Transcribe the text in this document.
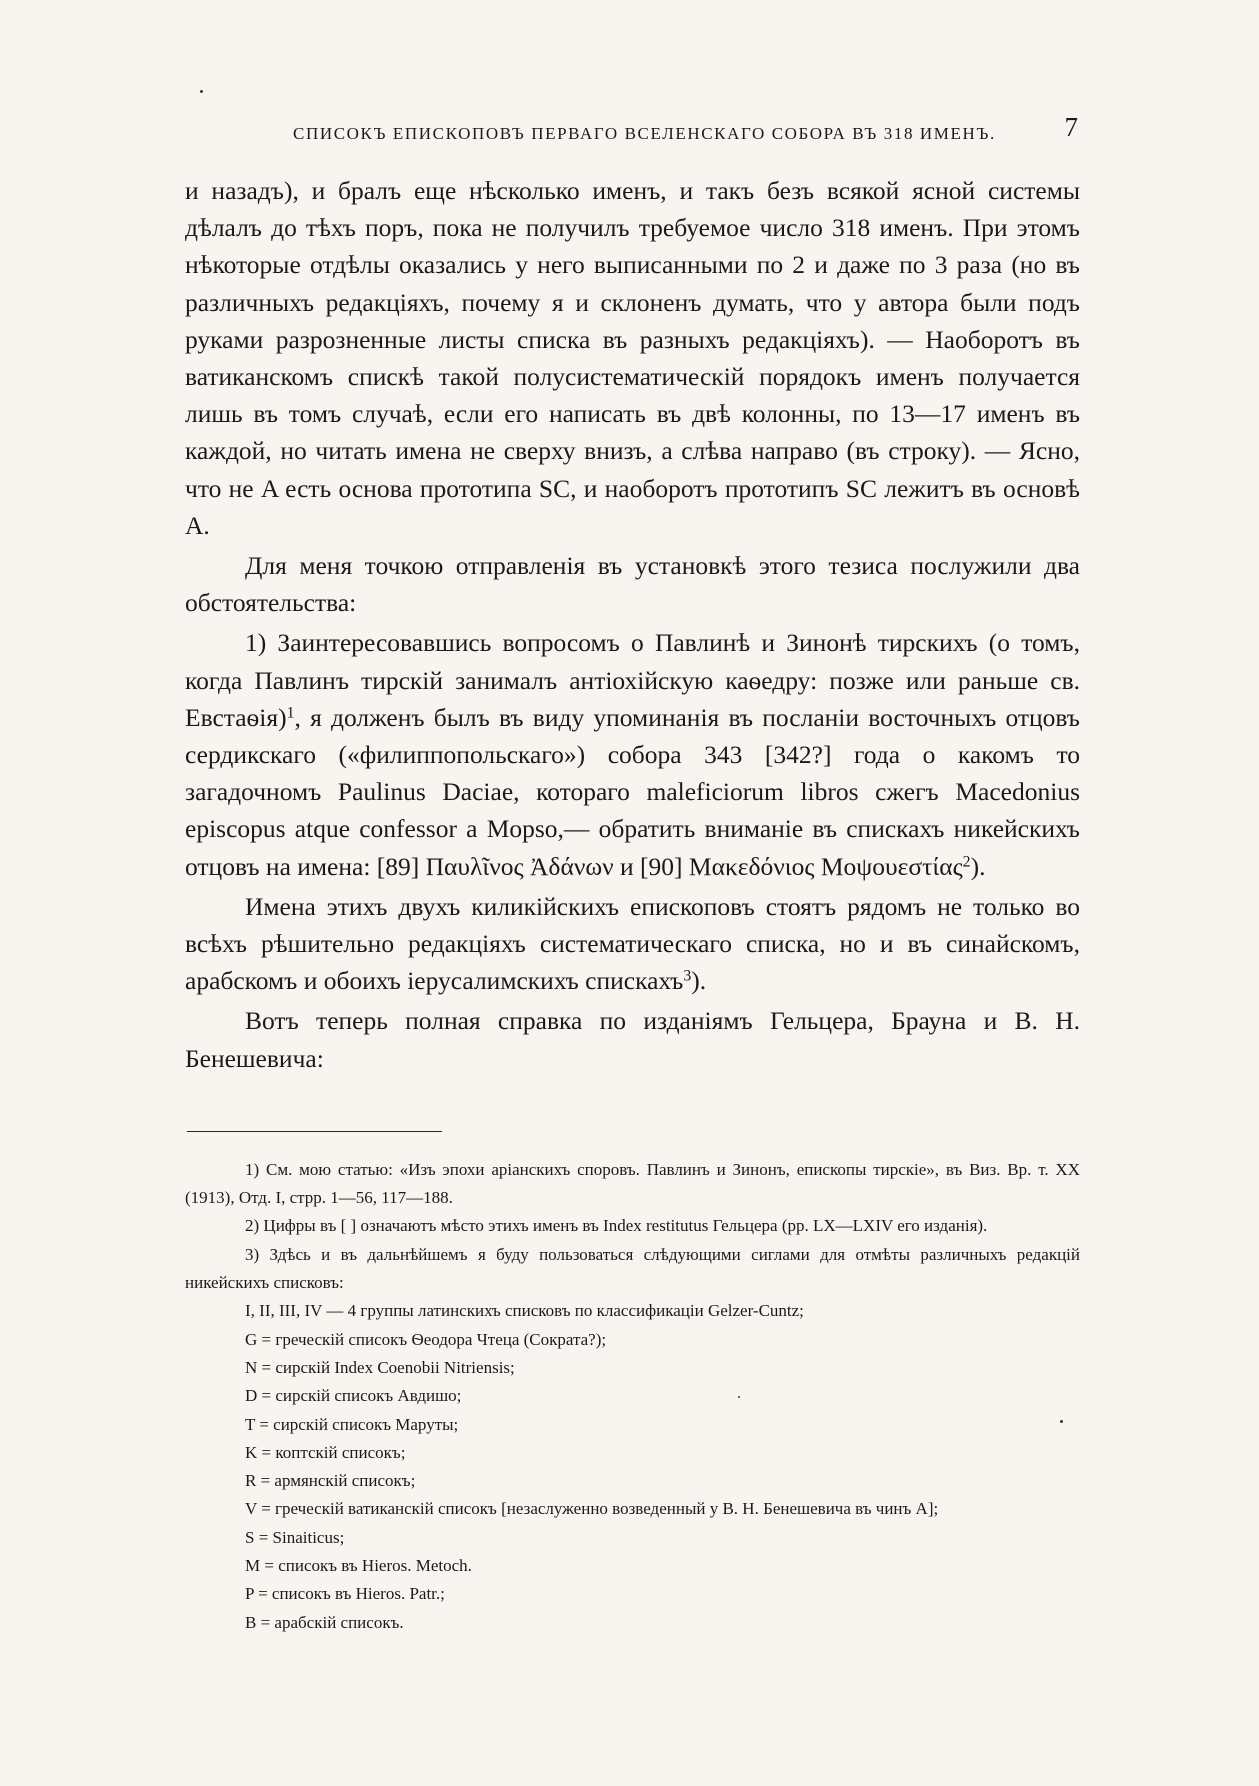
СПИСОКЪ ЕПИСКОПОВЪ ПЕРВАГО ВСЕЛЕНСКАГО СОБОРА ВЪ 318 ИМЕНЪ.	7

и назадъ), и бралъ еще нѣсколько именъ, и такъ безъ всякой ясной системы дѣлалъ до тѣхъ поръ, пока не получилъ требуемое число 318 именъ. При этомъ нѣкоторые отдѣлы оказались у него выписанными по 2 и даже по 3 раза (но въ различныхъ редакціяхъ, почему я и склоненъ думать, что у автора были подъ руками разрозненные листы списка въ разныхъ редакціяхъ). — Наоборотъ въ ватиканскомъ спискѣ такой полусистематическій порядокъ именъ получается лишь въ томъ случаѣ, если его написать въ двѣ колонны, по 13—17 именъ въ каждой, но читать имена не сверху внизъ, а слѣва направо (въ строку). — Ясно, что не A есть основа прототипа SC, и наоборотъ прототипъ SC лежитъ въ основѣ A.

Для меня точкою отправленія въ установкѣ этого тезиса послужили два обстоятельства:

1) Заинтересовавшись вопросомъ о Павлинѣ и Зинонѣ тирскихъ (о томъ, когда Павлинъ тирскій занималъ антіохійскую каѳедру: позже или раньше св. Евстаѳія)$^1$, я долженъ былъ въ виду упоминанія въ посланіи восточныхъ отцовъ сердикскаго («филиппопольскаго») собора 343 [342?] года о какомъ то загадочномъ Paulinus Daciae, котораго maleficiorum libros сжегъ Macedonius episcopus atque confessor a Mopso,— обратить вниманіе въ спискахъ никейскихъ отцовъ на имена: [89] Παυλῖνος Ἀδάνων и [90] Μακεδόνιος Μοψουεστίας$^2$).

Имена этихъ двухъ киликійскихъ епископовъ стоятъ рядомъ не только во всѣхъ рѣшительно редакціяхъ систематическаго списка, но и въ синайскомъ, арабскомъ и обоихъ іерусалимскихъ спискахъ$^3$).

Вотъ теперь полная справка по изданіямъ Гельцера, Брауна и В. Н. Бенешевича:

1) См. мою статью: «Изъ эпохи аріанскихъ споровъ. Павлинъ и Зинонъ, епископы тирскіе», въ Виз. Вр. т. XX (1913), Отд. I, стрр. 1—56, 117—188.

2) Цифры въ [ ] означаютъ мѣсто этихъ именъ въ Index restitutus Гельцера (рр. LX—LXIV его изданія).

3) Здѣсь и въ дальнѣйшемъ я буду пользоваться слѣдующими сиглами для отмѣты различныхъ редакцій никейскихъ списковъ:

I, II, III, IV — 4 группы латинскихъ списковъ по классификаціи Gelzer-Cuntz;

G = греческій списокъ Ѳеодора Чтеца (Сократа?);

N = сирскій Index Coenobii Nitriensis;

D = сирскій списокъ Авдишо;

T = сирскій списокъ Маруты;

K = коптскій списокъ;

R = армянскій списокъ;

V = греческій ватиканскій списокъ [незаслуженно возведенный у В. Н. Бенешевича въ чинъ A];

S = Sinaiticus;

M = списокъ въ Hieros. Metoch.

P = списокъ въ Hieros. Patr.;

B = арабскій списокъ.
